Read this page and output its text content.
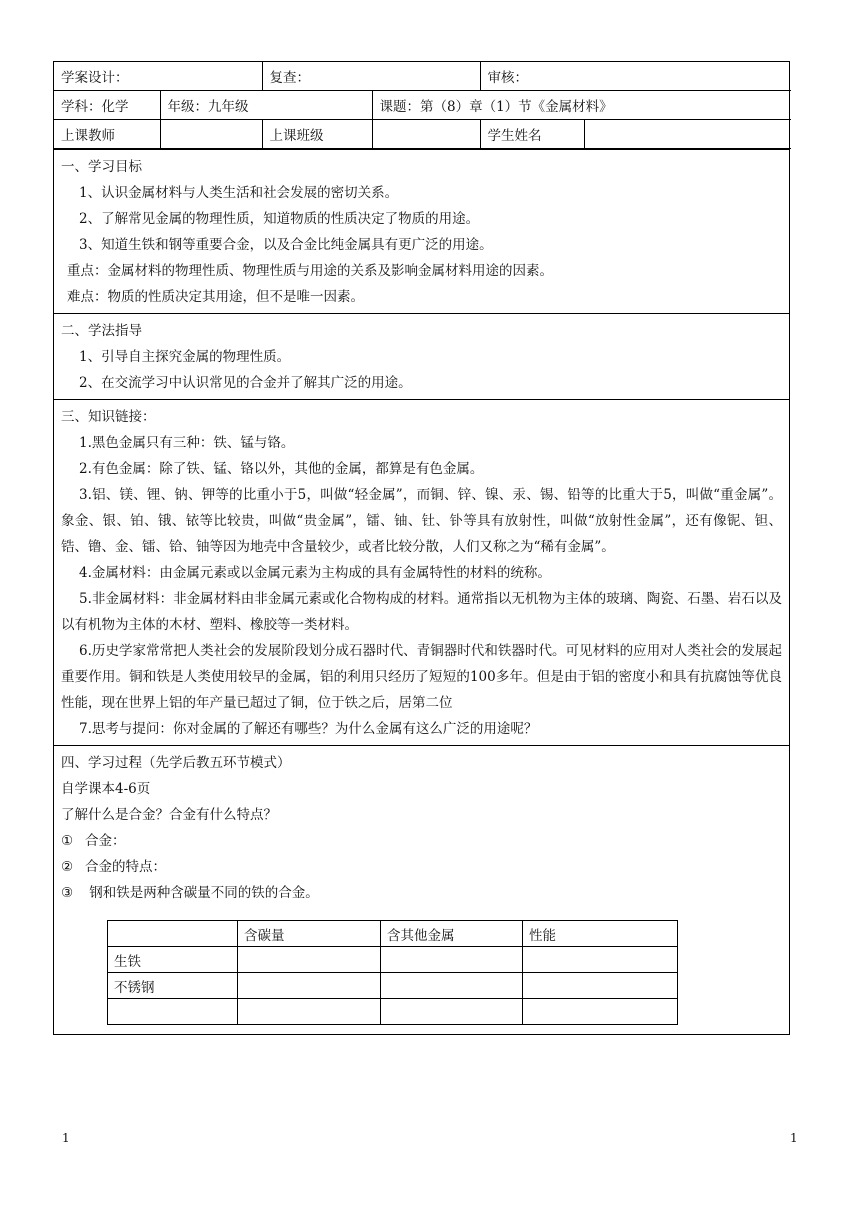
学案设计：		复查：		审核：	
学科：化学	年级：九年级		课题：第（8）章（1）节《金属材料》		
上课教师		上课班级		学生姓名	

一、学习目标

1、认识金属材料与人类生活和社会发展的密切关系。

2、了解常见金属的物理性质，知道物质的性质决定了物质的用途。

3、知道生铁和钢等重要合金，以及合金比纯金属具有更广泛的用途。

重点：金属材料的物理性质、物理性质与用途的关系及影响金属材料用途的因素。

难点：物质的性质决定其用途，但不是唯一因素。

二、学法指导

1、引导自主探究金属的物理性质。

2、在交流学习中认识常见的合金并了解其广泛的用途。

三、知识链接：

1.黑色金属只有三种：铁、锰与铬。

2.有色金属：除了铁、锰、铬以外，其他的金属，都算是有色金属。

3.铝、镁、锂、钠、钾等的比重小于5，叫做“轻金属”，而铜、锌、镍、汞、锡、铅等的比重大于5，叫做“重金属”。象金、银、铂、锇、铱等比较贵，叫做“贵金属”，镭、铀、钍、钋等具有放射性，叫做“放射性金属”，还有像铌、钽、锆、镥、金、镭、铪、铀等因为地壳中含量较少，或者比较分散，人们又称之为“稀有金属”。

4.金属材料：由金属元素或以金属元素为主构成的具有金属特性的材料的统称。

5.非金属材料：非金属材料由非金属元素或化合物构成的材料。通常指以无机物为主体的玻璃、陶瓷、石墨、岩石以及以有机物为主体的木材、塑料、橡胶等一类材料。

6.历史学家常常把人类社会的发展阶段划分成石器时代、青铜器时代和铁器时代。可见材料的应用对人类社会的发展起重要作用。铜和铁是人类使用较早的金属，铝的利用只经历了短短的100多年。但是由于铝的密度小和具有抗腐蚀等优良性能，现在世界上铝的年产量已超过了铜，位于铁之后，居第二位

7.思考与提问：你对金属的了解还有哪些？为什么金属有这么广泛的用途呢？

四、学习过程（先学后教五环节模式）

自学课本4-6页

了解什么是合金？合金有什么特点？

① 合金：

② 合金的特点：

③ 钢和铁是两种含碳量不同的铁的合金。

	含碳量	含其他金属	性能
生铁			
不锈钢			

1	1
